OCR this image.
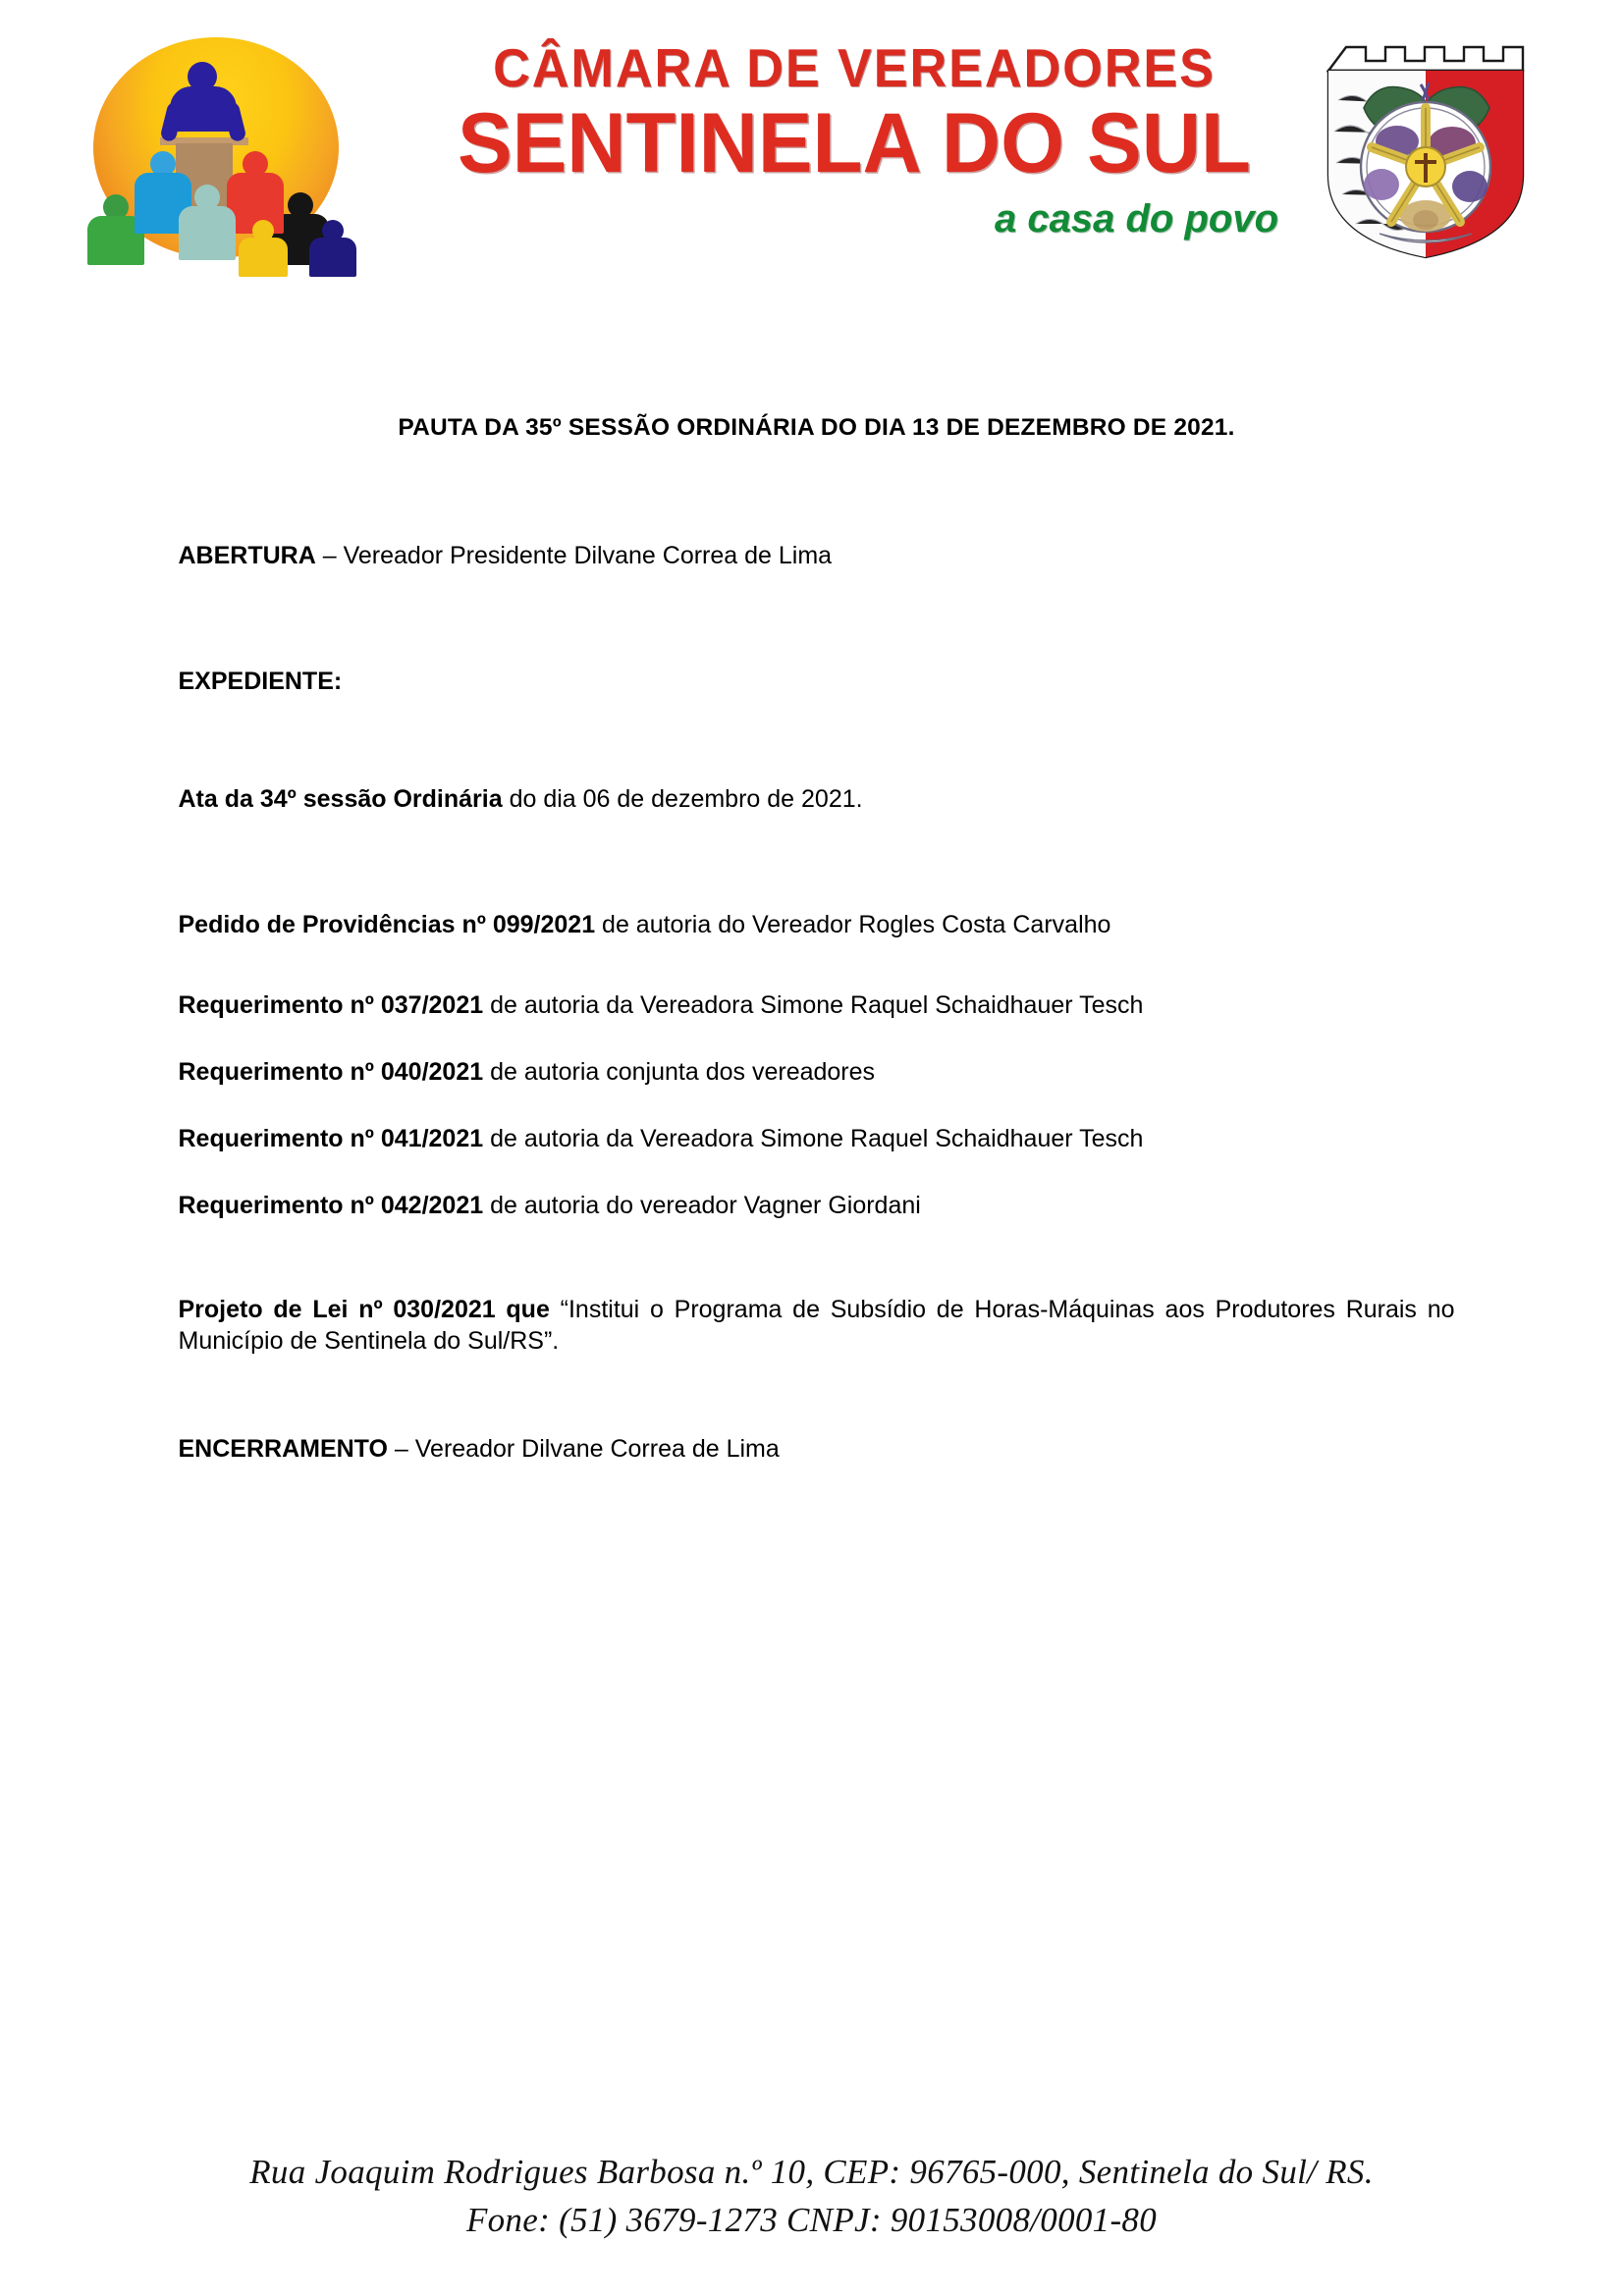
CÂMARA DE VEREADORES
SENTINELA DO SUL
a casa do povo
PAUTA DA 35º SESSÃO ORDINÁRIA DO DIA 13 DE DEZEMBRO DE 2021.

ABERTURA – Vereador Presidente Dilvane Correa de Lima

EXPEDIENTE:

Ata da 34º sessão Ordinária do dia 06 de dezembro de 2021.

Pedido de Providências nº 099/2021 de autoria do Vereador Rogles Costa Carvalho

Requerimento nº 037/2021 de autoria da Vereadora Simone Raquel Schaidhauer Tesch

Requerimento nº 040/2021 de autoria conjunta dos vereadores

Requerimento nº 041/2021 de autoria da Vereadora Simone Raquel Schaidhauer Tesch

Requerimento nº 042/2021 de autoria do vereador Vagner Giordani

Projeto de Lei nº 030/2021 que “Institui o Programa de Subsídio de Horas-Máquinas aos Produtores Rurais no Município de Sentinela do Sul/RS”.

ENCERRAMENTO – Vereador Dilvane Correa de Lima

Rua Joaquim Rodrigues Barbosa n.º 10, CEP: 96765-000, Sentinela do Sul/ RS.
Fone: (51) 3679-1273 CNPJ: 90153008/0001-80
